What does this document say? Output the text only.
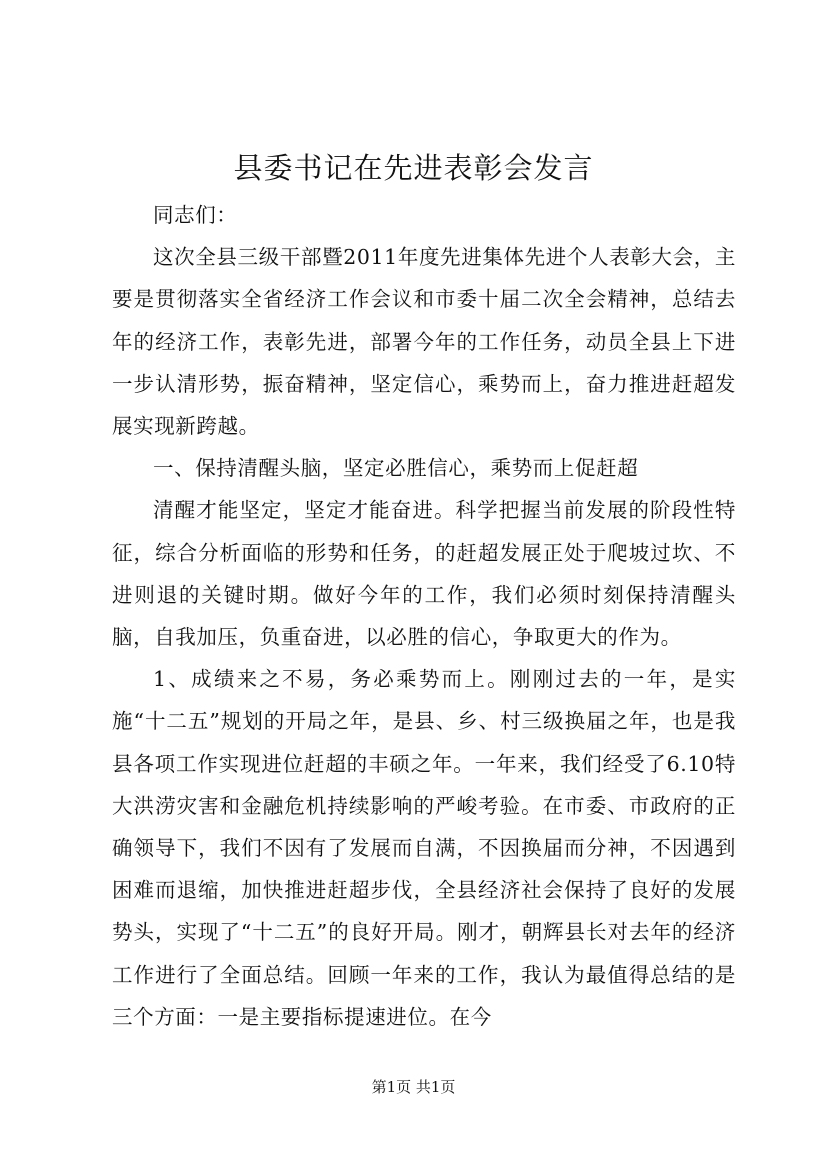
县委书记在先进表彰会发言

同志们：

这次全县三级干部暨2011年度先进集体先进个人表彰大会，主要是贯彻落实全省经济工作会议和市委十届二次全会精神，总结去年的经济工作，表彰先进，部署今年的工作任务，动员全县上下进一步认清形势，振奋精神，坚定信心，乘势而上，奋力推进赶超发展实现新跨越。

一、保持清醒头脑，坚定必胜信心，乘势而上促赶超

清醒才能坚定，坚定才能奋进。科学把握当前发展的阶段性特征，综合分析面临的形势和任务，的赶超发展正处于爬坡过坎、不进则退的关键时期。做好今年的工作，我们必须时刻保持清醒头脑，自我加压，负重奋进，以必胜的信心，争取更大的作为。

1、成绩来之不易，务必乘势而上。刚刚过去的一年，是实施“十二五”规划的开局之年，是县、乡、村三级换届之年，也是我县各项工作实现进位赶超的丰硕之年。一年来，我们经受了6.10特大洪涝灾害和金融危机持续影响的严峻考验。在市委、市政府的正确领导下，我们不因有了发展而自满，不因换届而分神，不因遇到困难而退缩，加快推进赶超步伐，全县经济社会保持了良好的发展势头，实现了“十二五”的良好开局。刚才，朝辉县长对去年的经济工作进行了全面总结。回顾一年来的工作，我认为最值得总结的是三个方面：一是主要指标提速进位。在今

第1页 共1页
